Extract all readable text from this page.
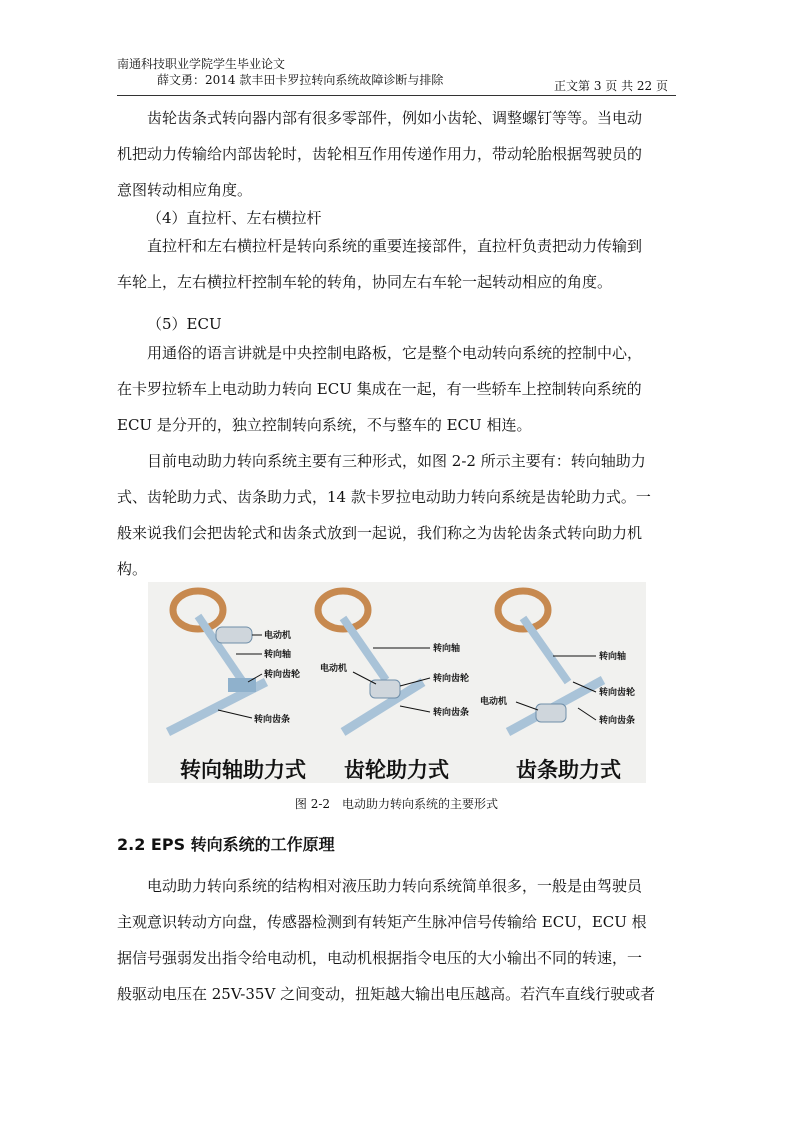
南通科技职业学院学生毕业论文
薛文勇：2014 款丰田卡罗拉转向系统故障诊断与排除	正文第 3 页 共 22 页

齿轮齿条式转向器内部有很多零部件，例如小齿轮、调整螺钉等等。当电动
机把动力传输给内部齿轮时，齿轮相互作用传递作用力，带动轮胎根据驾驶员的
意图转动相应角度。

（4）直拉杆、左右横拉杆

直拉杆和左右横拉杆是转向系统的重要连接部件，直拉杆负责把动力传输到
车轮上，左右横拉杆控制车轮的转角，协同左右车轮一起转动相应的角度。

（5）ECU

用通俗的语言讲就是中央控制电路板，它是整个电动转向系统的控制中心，
在卡罗拉轿车上电动助力转向 ECU 集成在一起，有一些轿车上控制转向系统的
ECU 是分开的，独立控制转向系统，不与整车的 ECU 相连。

目前电动助力转向系统主要有三种形式，如图 2-2 所示主要有：转向轴助力
式、齿轮助力式、齿条助力式，14 款卡罗拉电动助力转向系统是齿轮助力式。一
般来说我们会把齿轮式和齿条式放到一起说，我们称之为齿轮齿条式转向助力机
构。

电动机
转向轴
转向齿轮
转向齿条
转向轴
电动机
转向齿轮
转向齿条
转向轴
转向齿轮
电动机
转向齿条
转向轴助力式 齿轮助力式	齿条助力式
图 2-2　电动助力转向系统的主要形式
2.2 EPS 转向系统的工作原理

电动助力转向系统的结构相对液压助力转向系统简单很多，一般是由驾驶员
主观意识转动方向盘，传感器检测到有转矩产生脉冲信号传输给 ECU，ECU 根
据信号强弱发出指令给电动机，电动机根据指令电压的大小输出不同的转速，一
般驱动电压在 25V-35V 之间变动，扭矩越大输出电压越高。若汽车直线行驶或者
